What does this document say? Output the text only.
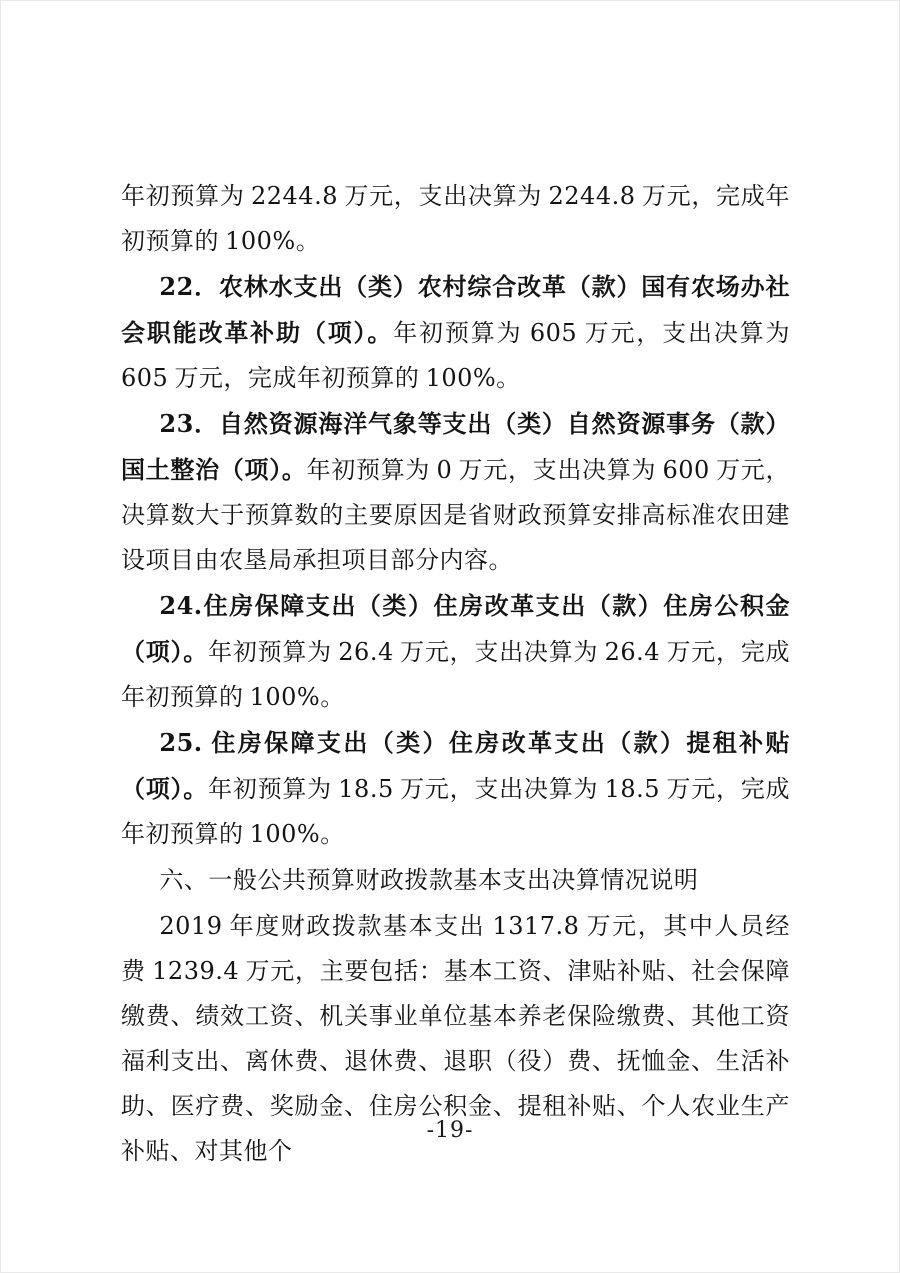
年初预算为 2244.8 万元，支出决算为 2244.8 万元，完成年初预算的 100%。

22．农林水支出（类）农村综合改革（款）国有农场办社会职能改革补助（项）。年初预算为 605 万元，支出决算为 605 万元，完成年初预算的 100%。

23．自然资源海洋气象等支出（类）自然资源事务（款）国土整治（项）。年初预算为 0 万元，支出决算为 600 万元，决算数大于预算数的主要原因是省财政预算安排高标准农田建设项目由农垦局承担项目部分内容。

24.住房保障支出（类）住房改革支出（款）住房公积金（项）。年初预算为 26.4 万元，支出决算为 26.4 万元，完成年初预算的 100%。

25. 住房保障支出（类）住房改革支出（款）提租补贴（项）。年初预算为 18.5 万元，支出决算为 18.5 万元，完成年初预算的 100%。

六、一般公共预算财政拨款基本支出决算情况说明

2019 年度财政拨款基本支出 1317.8 万元，其中人员经费 1239.4 万元，主要包括：基本工资、津贴补贴、社会保障缴费、绩效工资、机关事业单位基本养老保险缴费、其他工资福利支出、离休费、退休费、退职（役）费、抚恤金、生活补助、医疗费、奖励金、住房公积金、提租补贴、个人农业生产补贴、对其他个

-19-
